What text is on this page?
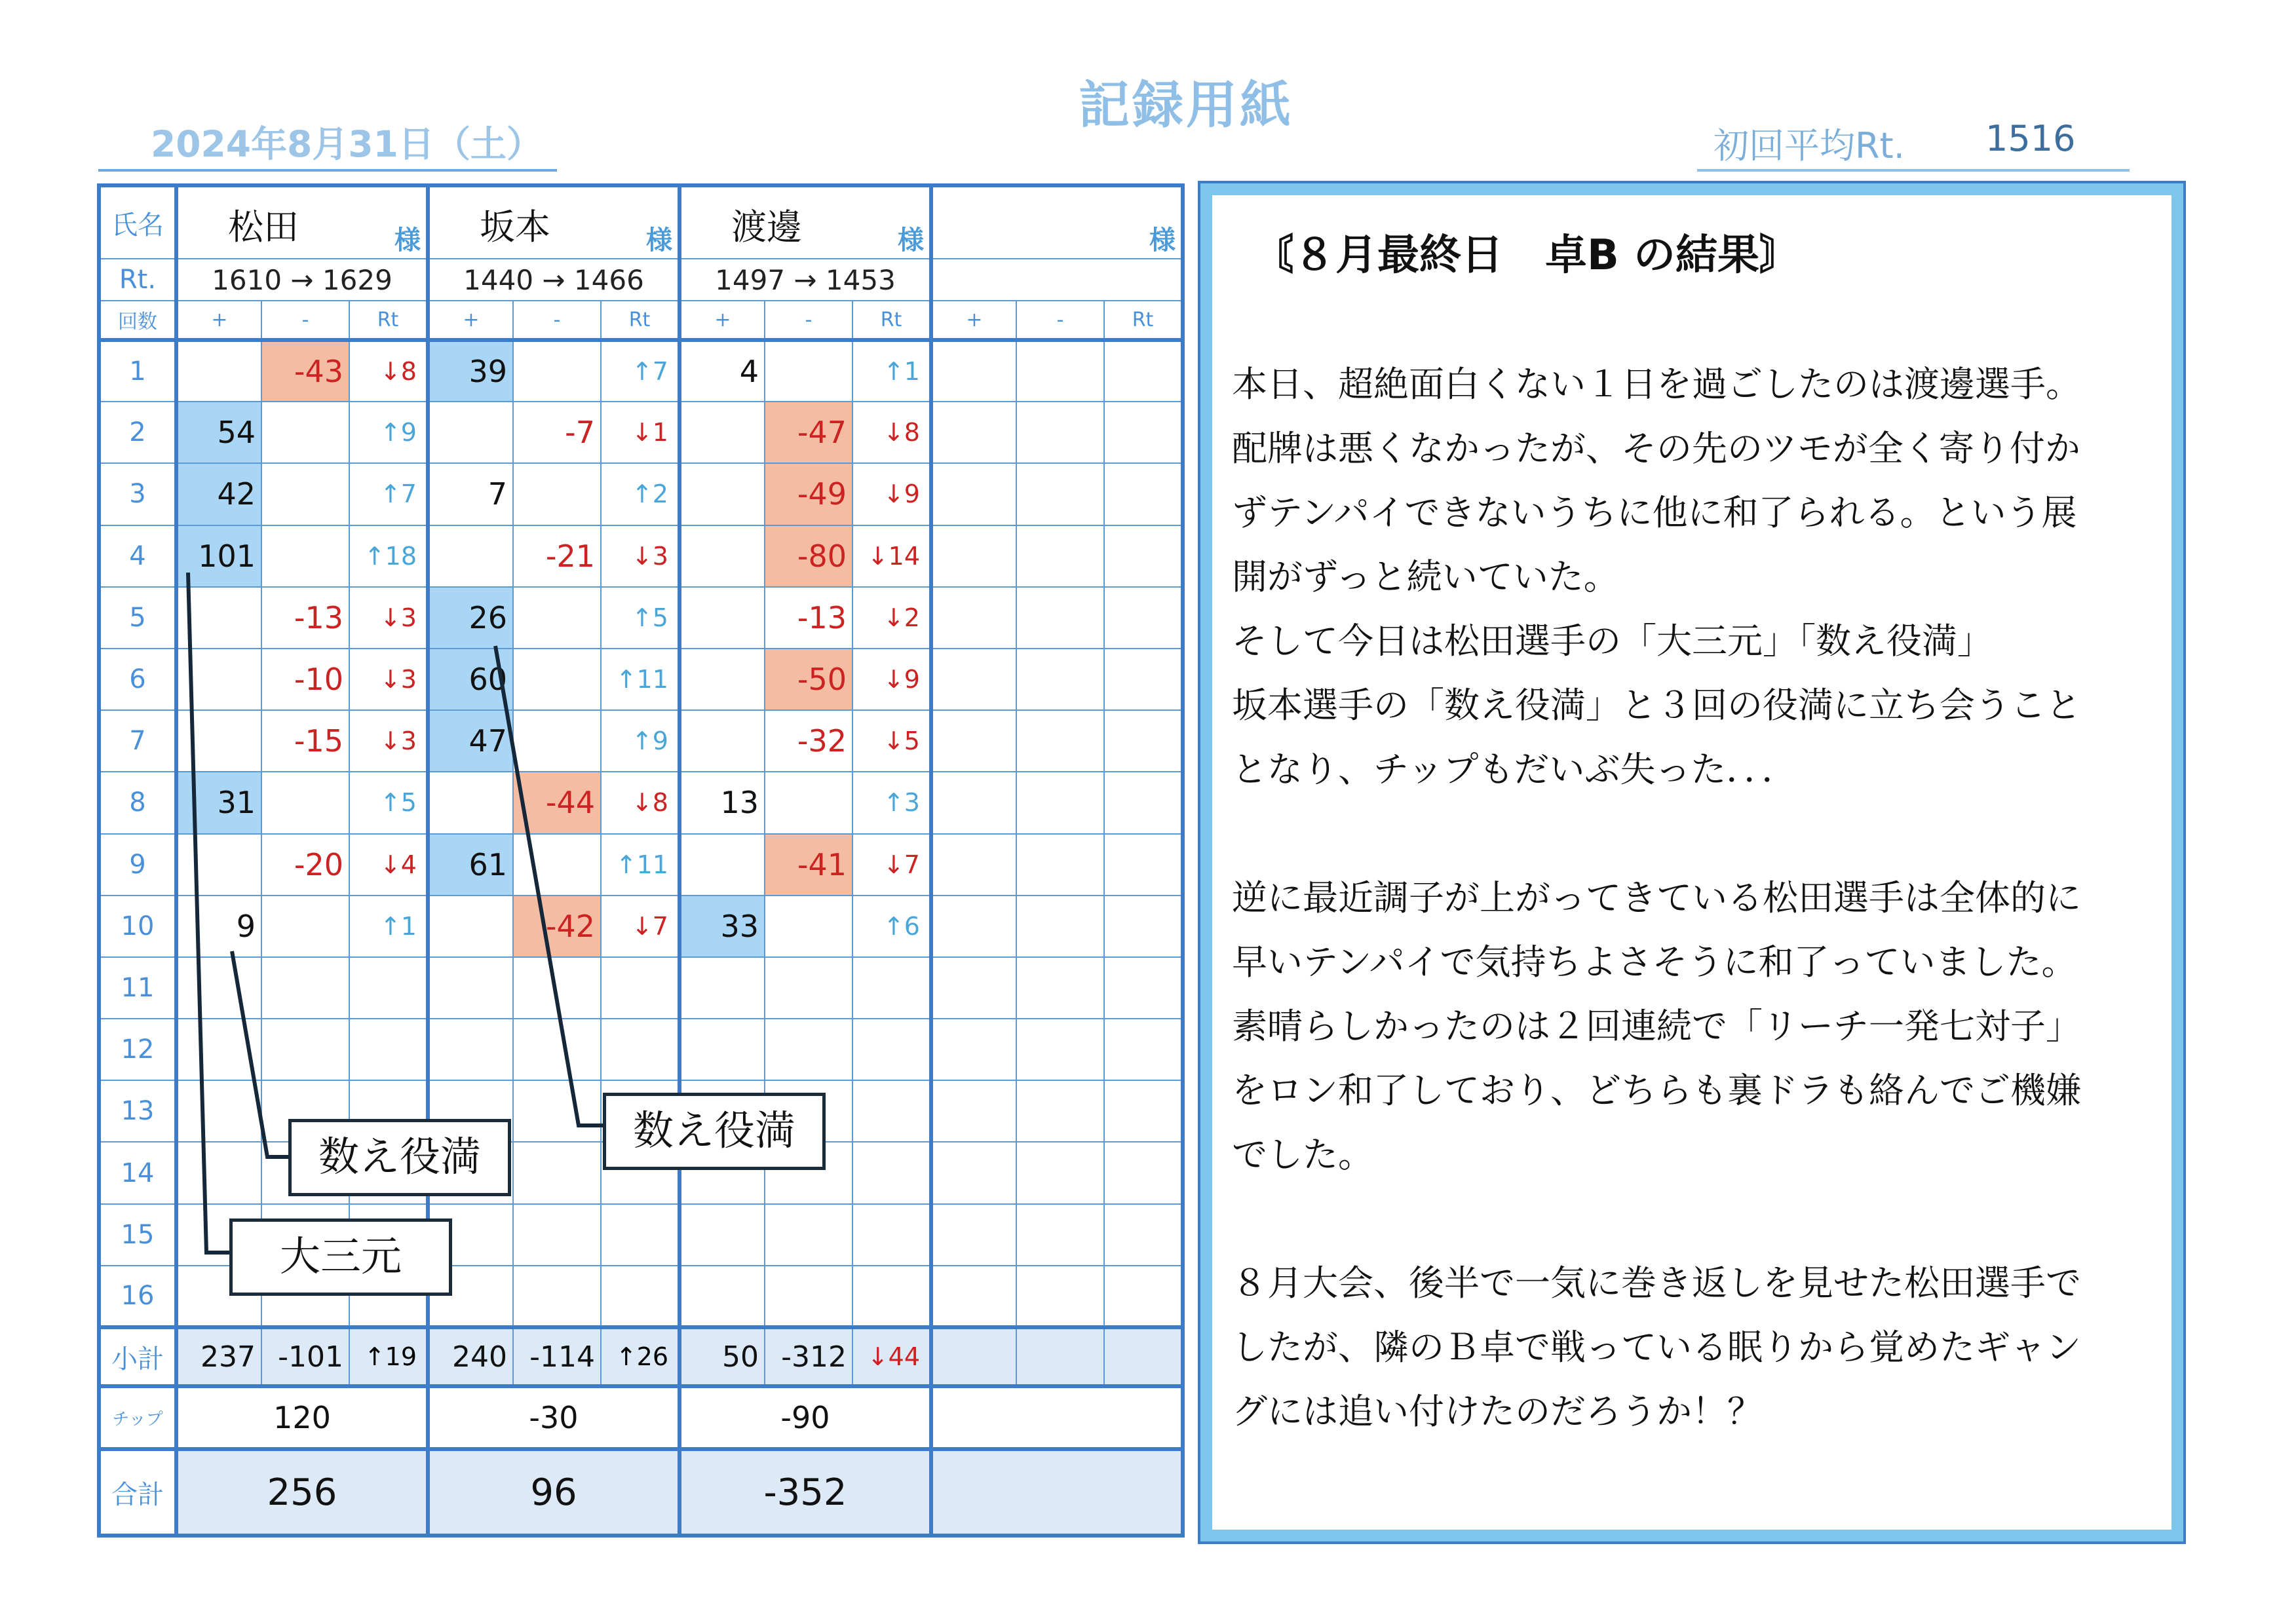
記録用紙
2024年8月31日（土）	初回平均Rt. 1516
氏名	松田 様			坂本 様			渡邊 様			様		

Rt.	1610 → 1629			1440 → 1466			1497 → 1453					
回数	+	-	Rt	+	-	Rt	+	-	Rt	+	-	Rt
1		-43	↓8	39		↑7	4		↑1			
2	54		↑9		-7	↓1		-47	↓8			
3	42		↑7	7		↑2		-49	↓9			
4	101		↑18		-21	↓3		-80	↓14			
5		-13	↓3	26		↑5		-13	↓2			
6		-10	↓3	60		↑11		-50	↓9			
7		-15	↓3	47		↑9		-32	↓5			
8	31		↑5		-44	↓8	13		↑3			
9		-20	↓4	61		↑11		-41	↓7			
10	9		↑1		-42	↓7	33		↑6			
11												
12												
13												
14												
15												
16												
小計	237	-101	↑19	240	-114	↑26	50	-312	↓44			
チップ	120			-30			-90					
合計	256			96			-352					
〘８月最終日　卓B の結果〙
本日、超絶面白くない１日を過ごしたのは渡邊選手。
配牌は悪くなかったが、その先のツモが全く寄り付か
ずテンパイできないうちに他に和了られる。という展
開がずっと続いていた。
そして今日は松田選手の「大三元」「数え役満」
坂本選手の「数え役満」と３回の役満に立ち会うこと
となり、チップもだいぶ失った．．．
逆に最近調子が上がってきている松田選手は全体的に
早いテンパイで気持ちよさそうに和了っていました。
素晴らしかったのは２回連続で「リーチ一発七対子」
をロン和了しており、どちらも裏ドラも絡んでご機嫌
でした。
８月大会、後半で一気に巻き返しを見せた松田選手で
したが、隣のＢ卓で戦っている眠りから覚めたギャン
グには追い付けたのだろうか！？
数え役満
数え役満
大三元
